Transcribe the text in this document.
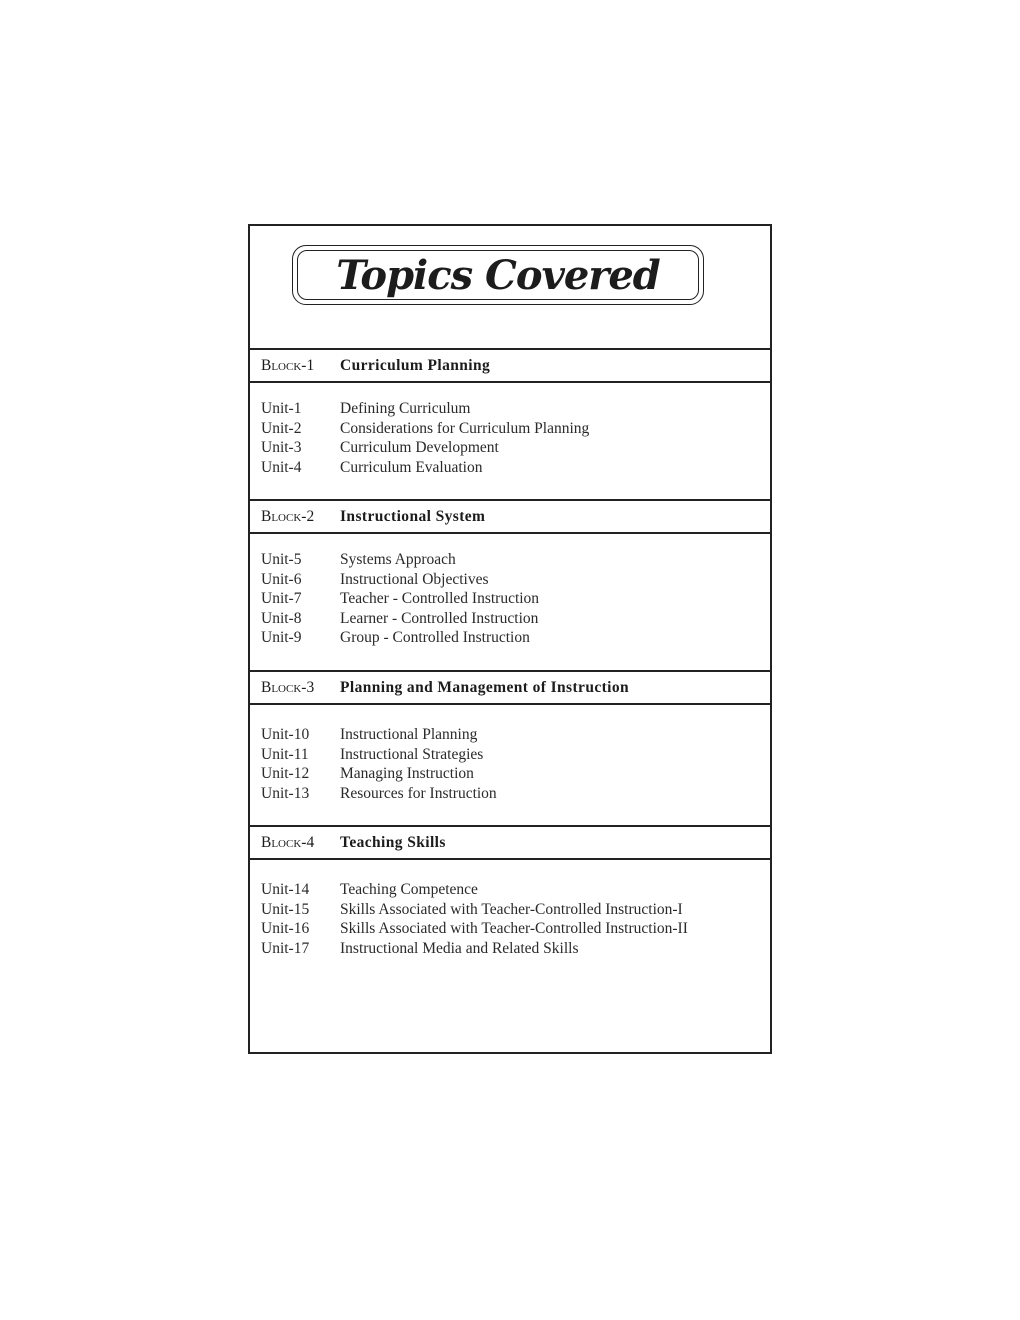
Topics Covered
Block-1 Curriculum Planning
Unit-1 Defining Curriculum
Unit-2 Considerations for Curriculum Planning
Unit-3 Curriculum Development
Unit-4 Curriculum Evaluation
Block-2 Instructional System
Unit-5 Systems Approach
Unit-6 Instructional Objectives
Unit-7 Teacher - Controlled Instruction
Unit-8 Learner - Controlled Instruction
Unit-9 Group - Controlled Instruction
Block-3 Planning and Management of Instruction
Unit-10 Instructional Planning
Unit-11 Instructional Strategies
Unit-12 Managing Instruction
Unit-13 Resources for Instruction
Block-4 Teaching Skills
Unit-14 Teaching Competence
Unit-15 Skills Associated with Teacher-Controlled Instruction-I
Unit-16 Skills Associated with Teacher-Controlled Instruction-II
Unit-17 Instructional Media and Related Skills
